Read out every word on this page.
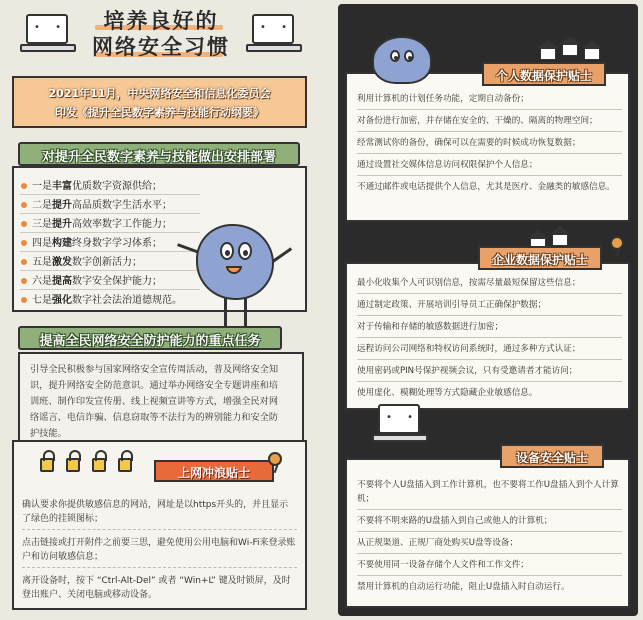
• •	• •
培养良好的
网络安全习惯
2021年11月，中央网络安全和信息化委员会
印发《提升全民数字素养与技能行动纲要》
对提升全民数字素养与技能做出安排部署
一是丰富优质数字资源供给；
二是提升高品质数字生活水平；
三是提升高效率数字工作能力；
四是构建终身数字学习体系；
五是激发数字创新活力；
六是提高数字安全保护能力；
七是强化数字社会法治道德规范。
提高全民网络安全防护能力的重点任务
引导全民积极参与国家网络安全宣传周活动，普及网络安全知
识，提升网络安全防范意识。通过举办网络安全专题讲座和培
训班、制作印发宣传册、线上视频宣讲等方式，增强全民对网
络谣言、电信诈骗、信息窃取等不法行为的辨别能力和安全防
护技能。
上网冲浪贴士
确认要求你提供敏感信息的网站，网址是以https开头的，并且显示了绿色的挂锁图标；
点击链接或打开附件之前要三思，避免使用公用电脑和Wi-Fi来登录账户和访问敏感信息；
离开设备时，按下 “Ctrl-Alt-Del” 或者 “Win+L” 键及时锁屏，及时登出账户、关闭电脑或移动设备。
利用计算机的计划任务功能，定期自动备份；
对备份进行加密，并存储在安全的、干燥的、隔离的物理空间；
经常测试你的备份，确保可以在需要的时候成功恢复数据；
通过设置社交媒体信息访问权限保护个人信息；
不通过邮件或电话提供个人信息，尤其是医疗、金融类的敏感信息。
个人数据保护贴士
最小化收集个人可识别信息，按需尽量最短保留这些信息；
通过制定政策、开展培训引导员工正确保护数据；
对于传输和存储的敏感数据进行加密；
远程访问公司网络和特权访问系统时，通过多种方式认证；
使用密码或PIN号保护视频会议，只有受邀请者才能访问；
使用虚化、模糊处理等方式隐藏企业敏感信息。
企业数据保护贴士
• •
不要将个人U盘插入到工作计算机，也不要将工作U盘插入到个人计算机；
不要将不明来路的U盘插入到自己或他人的计算机；
从正规渠道、正规厂商处购买U盘等设备；
不要使用同一设备存储个人文件和工作文件；
禁用计算机的自动运行功能，阻止U盘插入时自动运行。
设备安全贴士
